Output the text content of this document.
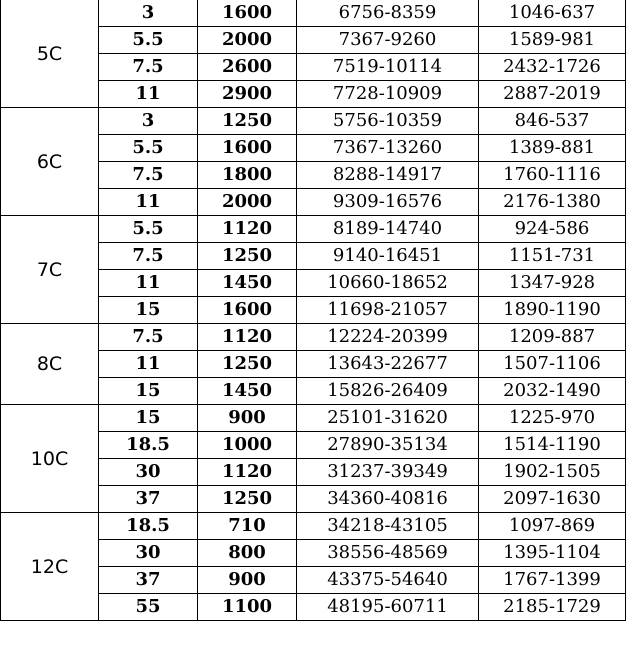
5C	3	1600	6756-8359	1046-637
	5.5	2000	7367-9260	1589-981
	7.5	2600	7519-10114	2432-1726
	11	2900	7728-10909	2887-2019
6C	3	1250	5756-10359	846-537
	5.5	1600	7367-13260	1389-881
	7.5	1800	8288-14917	1760-1116
	11	2000	9309-16576	2176-1380
7C	5.5	1120	8189-14740	924-586
	7.5	1250	9140-16451	1151-731
	11	1450	10660-18652	1347-928
	15	1600	11698-21057	1890-1190
8C	7.5	1120	12224-20399	1209-887
	11	1250	13643-22677	1507-1106
	15	1450	15826-26409	2032-1490
10C	15	900	25101-31620	1225-970
	18.5	1000	27890-35134	1514-1190
	30	1120	31237-39349	1902-1505
	37	1250	34360-40816	2097-1630
12C	18.5	710	34218-43105	1097-869
	30	800	38556-48569	1395-1104
	37	900	43375-54640	1767-1399
	55	1100	48195-60711	2185-1729
